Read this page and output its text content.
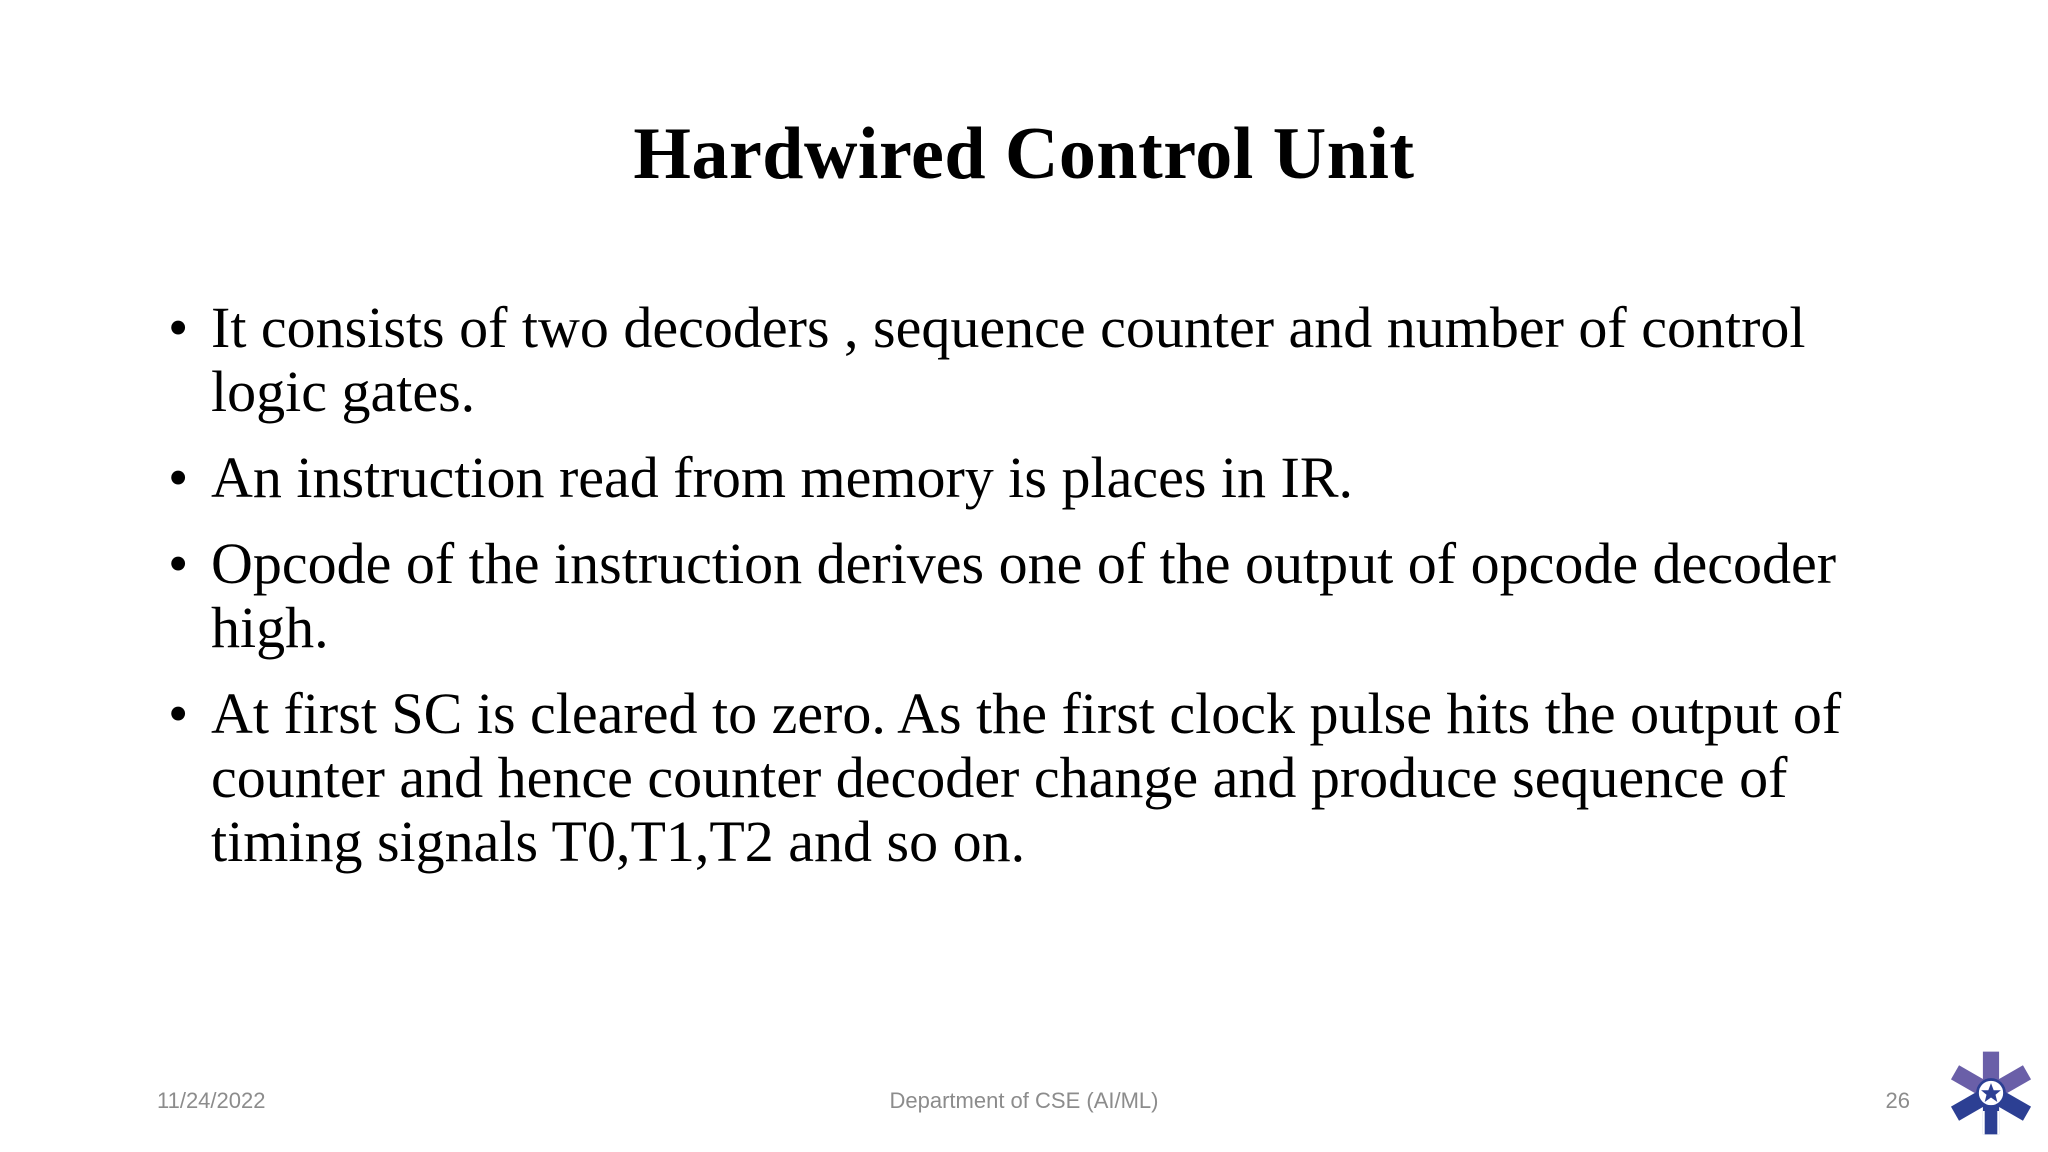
Hardwired Control Unit
• It consists of two decoders , sequence counter and number of control logic gates.
• An instruction read from memory is places in IR.
• Opcode of the instruction derives one of the output of opcode decoder high.
• At first SC is cleared to zero. As the first clock pulse hits the output of counter and hence counter decoder change and produce sequence of timing signals T0,T1,T2 and so on.
11/24/2022	Department of CSE (AI/ML)	26
